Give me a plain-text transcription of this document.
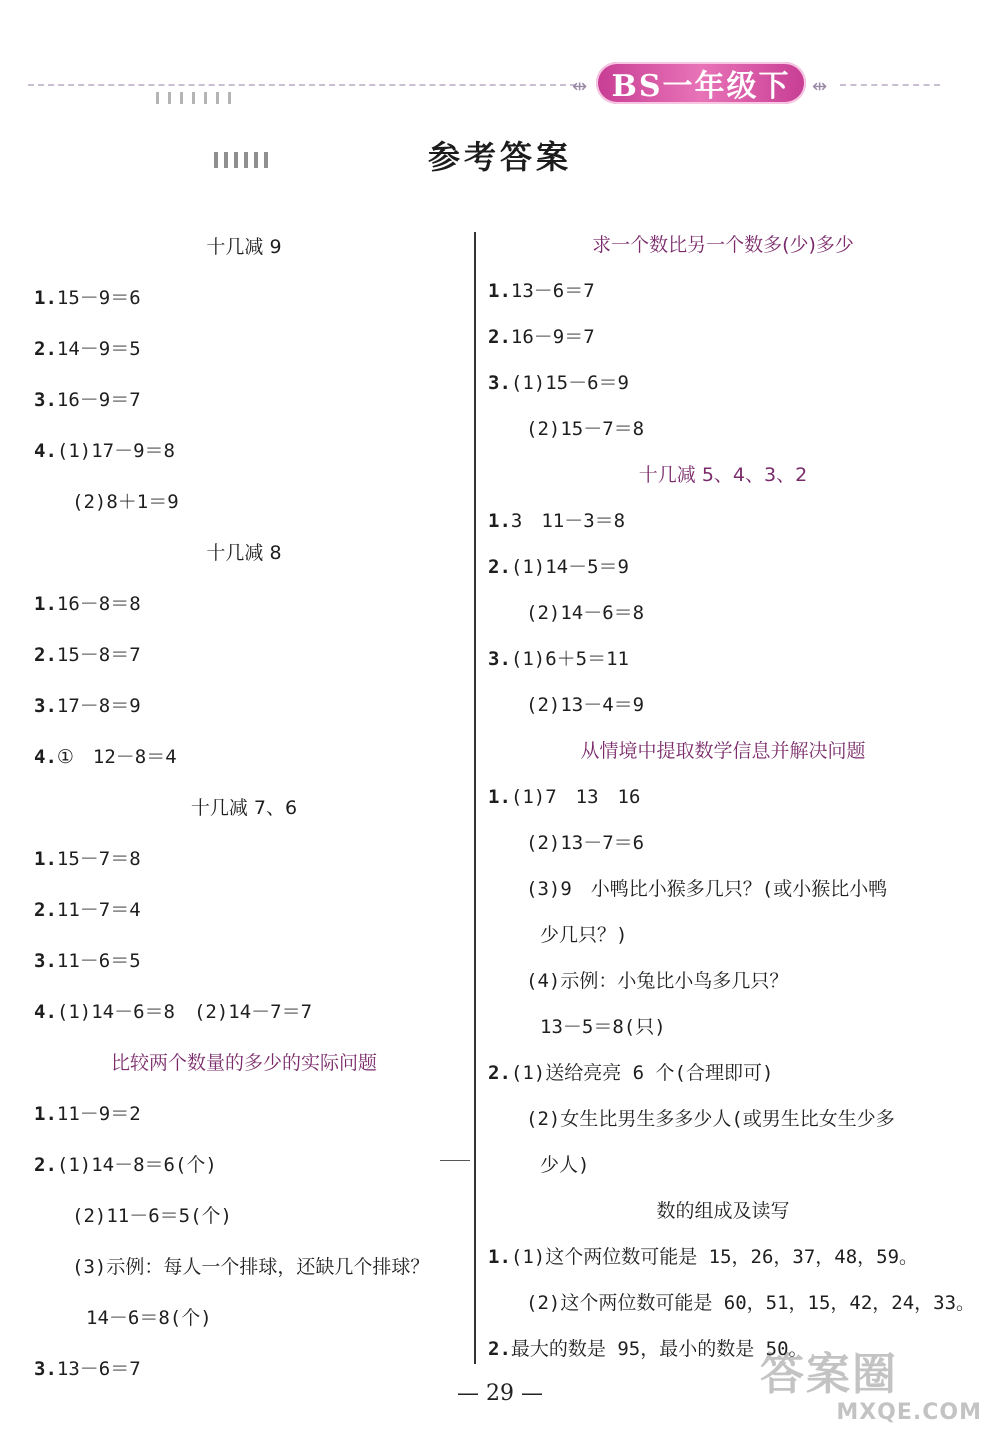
⇹	⇹
BS一年级下
参考答案
十几减 9
1.15－9＝6
2.14－9＝5
3.16－9＝7
4.(1)17－9＝8
(2)8＋1＝9
十几减 8
1.16－8＝8
2.15－8＝7
3.17－8＝9
4.①　12－8＝4
十几减 7、6
1.15－7＝8
2.11－7＝4
3.11－6＝5
4.(1)14－6＝8　(2)14－7＝7
比较两个数量的多少的实际问题
1.11－9＝2
2.(1)14－8＝6(个)
(2)11－6＝5(个)
(3)示例：每人一个排球，还缺几个排球？
14－6＝8(个)
3.13－6＝7
求一个数比另一个数多(少)多少
1.13－6＝7
2.16－9＝7
3.(1)15－6＝9
(2)15－7＝8
十几减 5、4、3、2
1.3　11－3＝8
2.(1)14－5＝9
(2)14－6＝8
3.(1)6＋5＝11
(2)13－4＝9
从情境中提取数学信息并解决问题
1.(1)7　13　16
(2)13－7＝6
(3)9　小鸭比小猴多几只？(或小猴比小鸭
少几只？)
(4)示例：小兔比小鸟多几只？
13－5＝8(只)
2.(1)送给亮亮 6 个(合理即可)
(2)女生比男生多多少人(或男生比女生少多
少人)
数的组成及读写
1.(1)这个两位数可能是 15，26，37，48，59。
(2)这个两位数可能是 60，51，15，42，24，33。
2.最大的数是 95，最小的数是 50。
— 29 —	答案圈
MXQE.COM
